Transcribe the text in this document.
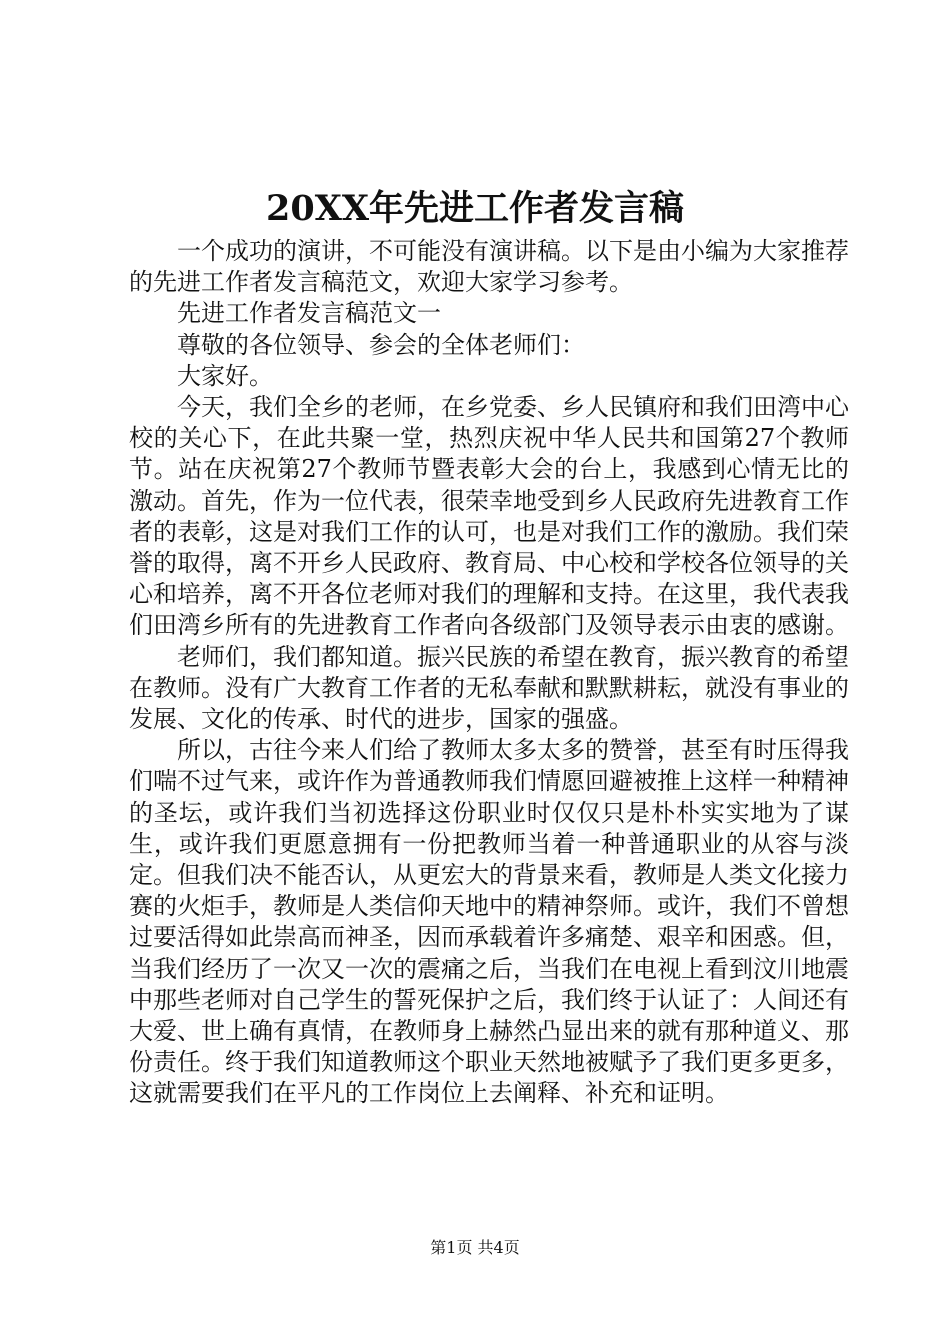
20XX年先进工作者发言稿

一个成功的演讲，不可能没有演讲稿。以下是由小编为大家推荐的先进工作者发言稿范文，欢迎大家学习参考。

先进工作者发言稿范文一

尊敬的各位领导、参会的全体老师们：

大家好。

今天，我们全乡的老师，在乡党委、乡人民镇府和我们田湾中心校的关心下，在此共聚一堂，热烈庆祝中华人民共和国第27个教师节。站在庆祝第27个教师节暨表彰大会的台上，我感到心情无比的激动。首先，作为一位代表，很荣幸地受到乡人民政府先进教育工作者的表彰，这是对我们工作的认可，也是对我们工作的激励。我们荣誉的取得，离不开乡人民政府、教育局、中心校和学校各位领导的关心和培养，离不开各位老师对我们的理解和支持。在这里，我代表我们田湾乡所有的先进教育工作者向各级部门及领导表示由衷的感谢。

老师们，我们都知道。振兴民族的希望在教育，振兴教育的希望在教师。没有广大教育工作者的无私奉献和默默耕耘，就没有事业的发展、文化的传承、时代的进步，国家的强盛。

所以，古往今来人们给了教师太多太多的赞誉，甚至有时压得我们喘不过气来，或许作为普通教师我们情愿回避被推上这样一种精神的圣坛，或许我们当初选择这份职业时仅仅只是朴朴实实地为了谋生，或许我们更愿意拥有一份把教师当着一种普通职业的从容与淡定。但我们决不能否认，从更宏大的背景来看，教师是人类文化接力赛的火炬手，教师是人类信仰天地中的精神祭师。或许，我们不曾想过要活得如此崇高而神圣，因而承载着许多痛楚、艰辛和困惑。但，当我们经历了一次又一次的震痛之后，当我们在电视上看到汶川地震中那些老师对自己学生的誓死保护之后，我们终于认证了：人间还有大爱、世上确有真情，在教师身上赫然凸显出来的就有那种道义、那份责任。终于我们知道教师这个职业天然地被赋予了我们更多更多，这就需要我们在平凡的工作岗位上去阐释、补充和证明。

第1页 共4页
